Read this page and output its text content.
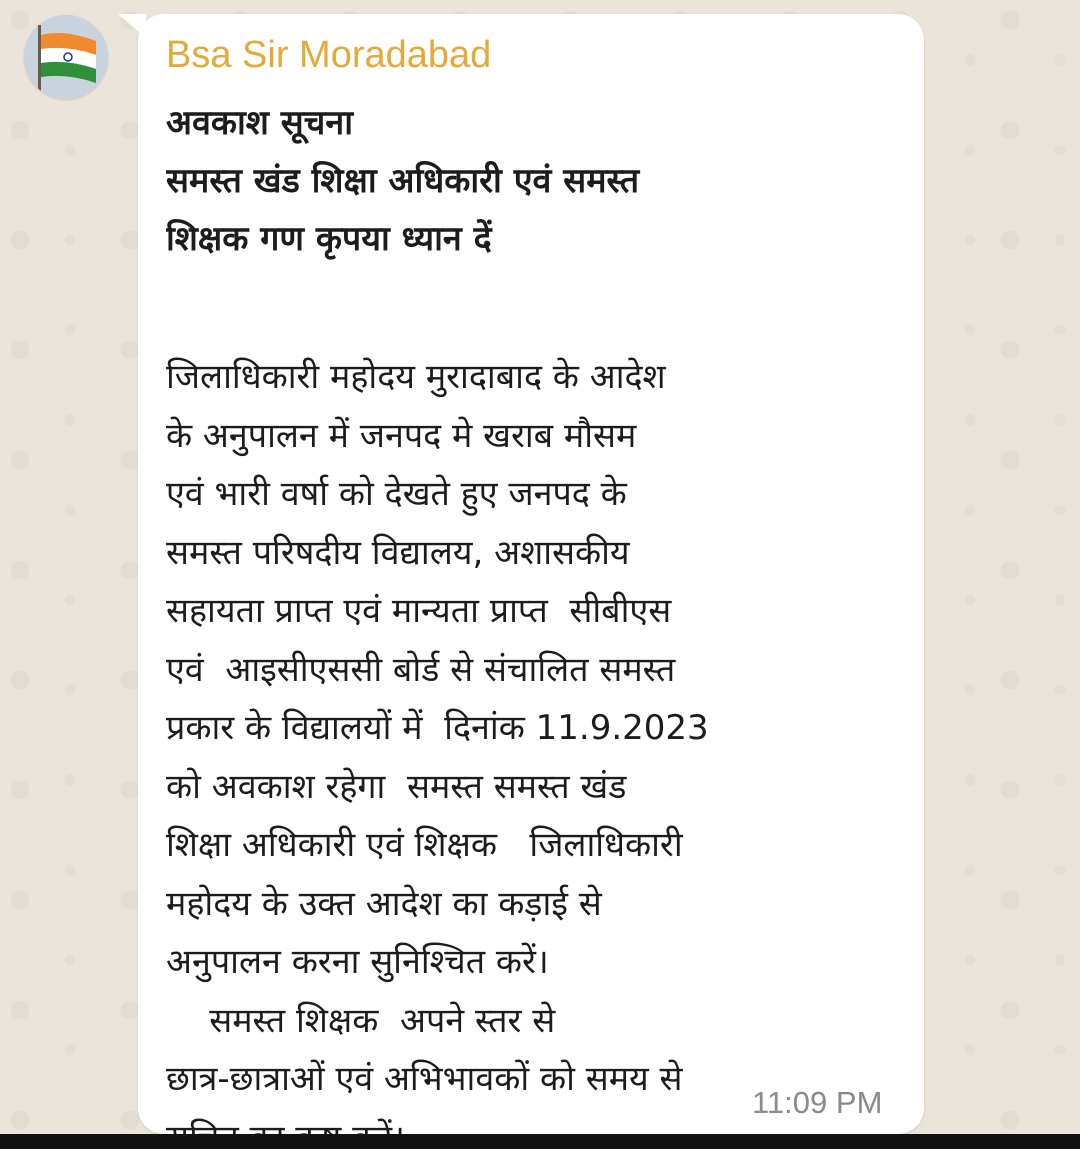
Bsa Sir Moradabad
अवकाश सूचना
समस्त खंड शिक्षा अधिकारी एवं समस्त
शिक्षक गण कृपया ध्यान दें
जिलाधिकारी महोदय मुरादाबाद के आदेश
के अनुपालन में जनपद मे खराब मौसम
एवं भारी वर्षा को देखते हुए जनपद के
समस्त परिषदीय विद्यालय, अशासकीय
सहायता प्राप्त एवं मान्यता प्राप्त  सीबीएस
एवं  आइसीएससी बोर्ड से संचालित समस्त
प्रकार के विद्यालयों में  दिनांक 11.9.2023
को अवकाश रहेगा  समस्त समस्त खंड
शिक्षा अधिकारी एवं शिक्षक   जिलाधिकारी
महोदय के उक्त आदेश का कड़ाई से
अनुपालन करना सुनिश्चित करें।
समस्त शिक्षक  अपने स्तर से
छात्र-छात्राओं एवं अभिभावकों को समय से
11:09 PM
